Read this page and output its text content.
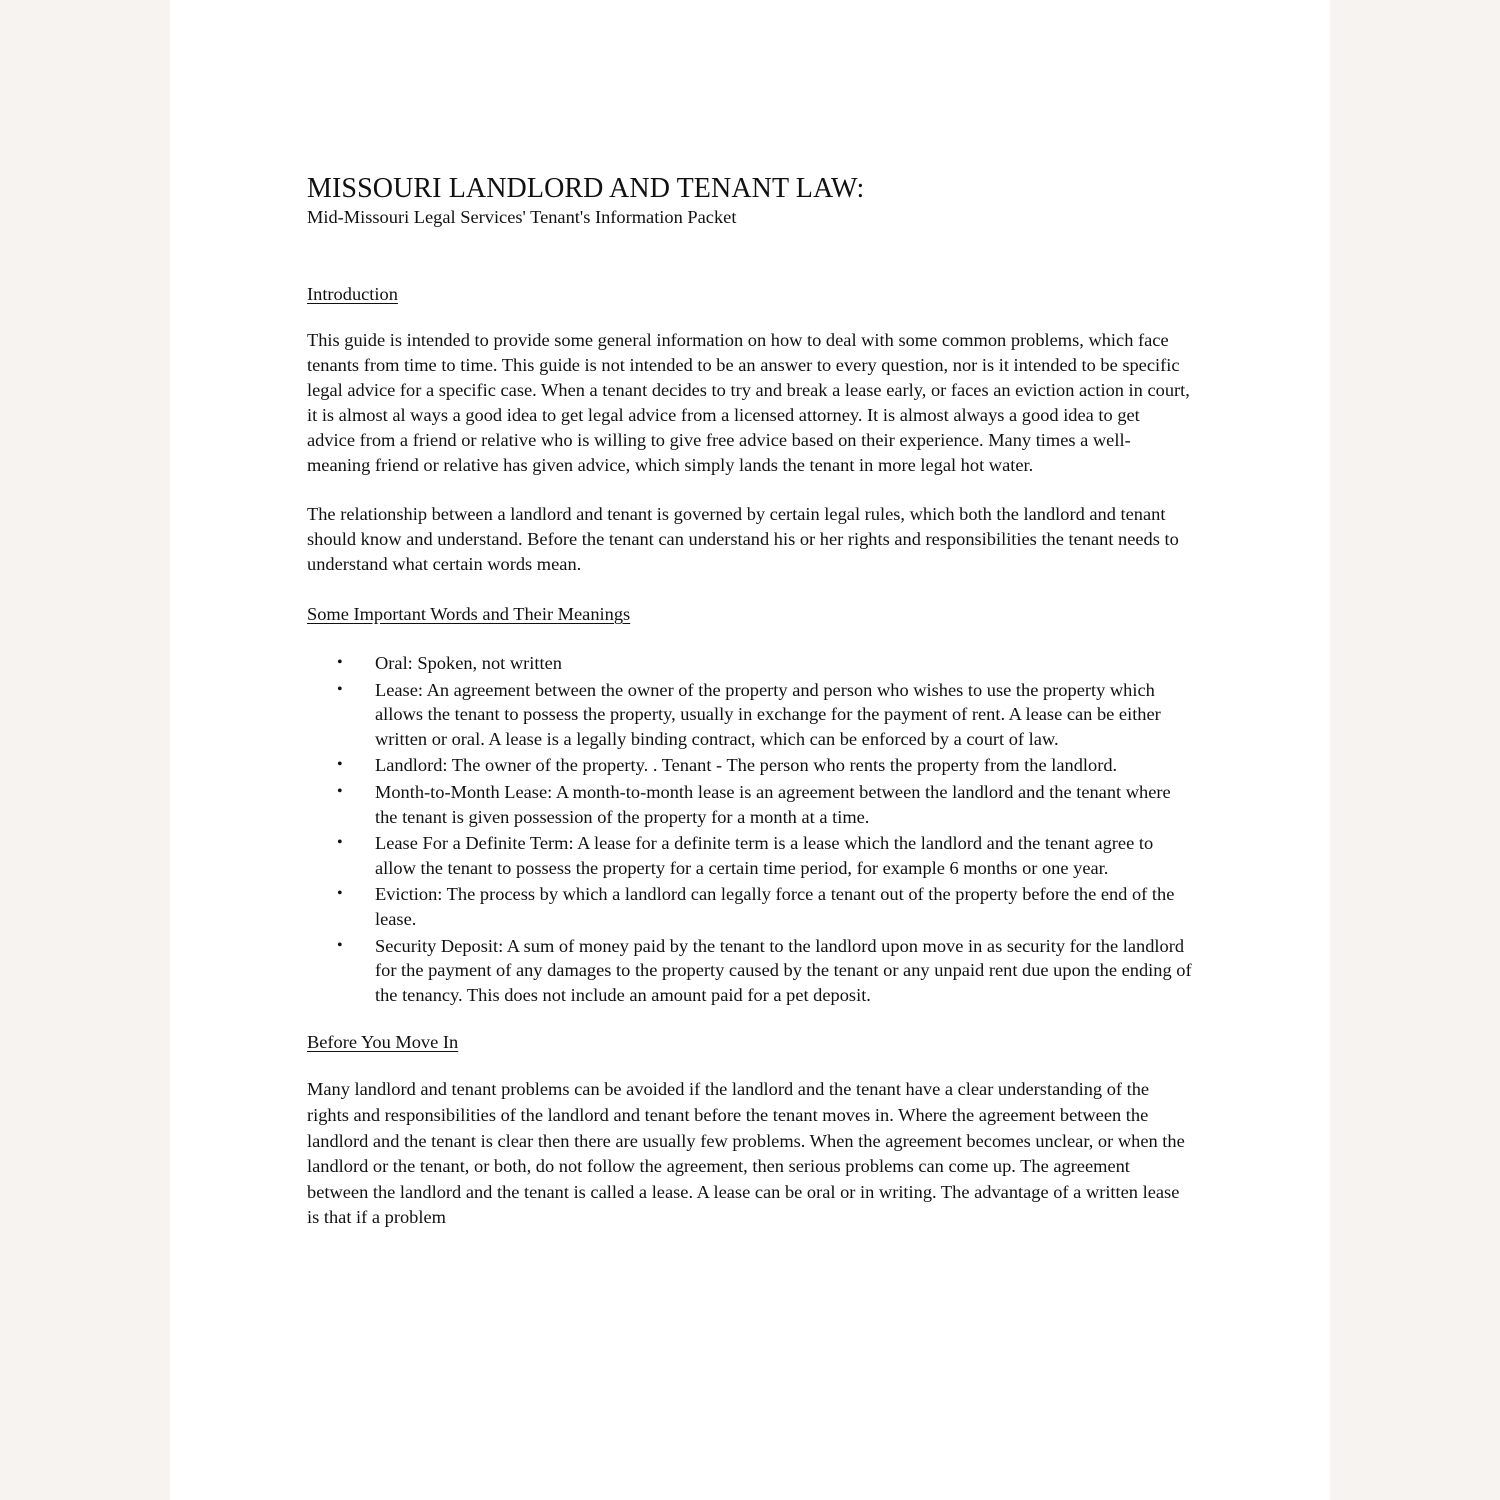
MISSOURI LANDLORD AND TENANT LAW:

Mid-Missouri Legal Services' Tenant's Information Packet

Introduction

This guide is intended to provide some general information on how to deal with some common problems, which face tenants from time to time. This guide is not intended to be an answer to every question, nor is it intended to be specific legal advice for a specific case. When a tenant decides to try and break a lease early, or faces an eviction action in court, it is almost al ways a good idea to get legal advice from a licensed attorney. It is almost always a good idea to get advice from a friend or relative who is willing to give free advice based on their experience. Many times a well-meaning friend or relative has given advice, which simply lands the tenant in more legal hot water.

The relationship between a landlord and tenant is governed by certain legal rules, which both the landlord and tenant should know and understand. Before the tenant can understand his or her rights and responsibilities the tenant needs to understand what certain words mean.

Some Important Words and Their Meanings

• Oral: Spoken, not written
• Lease: An agreement between the owner of the property and person who wishes to use the property which allows the tenant to possess the property, usually in exchange for the payment of rent. A lease can be either written or oral. A lease is a legally binding contract, which can be enforced by a court of law.
• Landlord: The owner of the property. . Tenant - The person who rents the property from the landlord.
• Month-to-Month Lease: A month-to-month lease is an agreement between the landlord and the tenant where the tenant is given possession of the property for a month at a time.
• Lease For a Definite Term: A lease for a definite term is a lease which the landlord and the tenant agree to allow the tenant to possess the property for a certain time period, for example 6 months or one year.
• Eviction: The process by which a landlord can legally force a tenant out of the property before the end of the lease.
• Security Deposit: A sum of money paid by the tenant to the landlord upon move in as security for the landlord for the payment of any damages to the property caused by the tenant or any unpaid rent due upon the ending of the tenancy. This does not include an amount paid for a pet deposit.

Before You Move In

Many landlord and tenant problems can be avoided if the landlord and the tenant have a clear understanding of the rights and responsibilities of the landlord and tenant before the tenant moves in. Where the agreement between the landlord and the tenant is clear then there are usually few problems. When the agreement becomes unclear, or when the landlord or the tenant, or both, do not follow the agreement, then serious problems can come up. The agreement between the landlord and the tenant is called a lease. A lease can be oral or in writing. The advantage of a written lease is that if a problem
